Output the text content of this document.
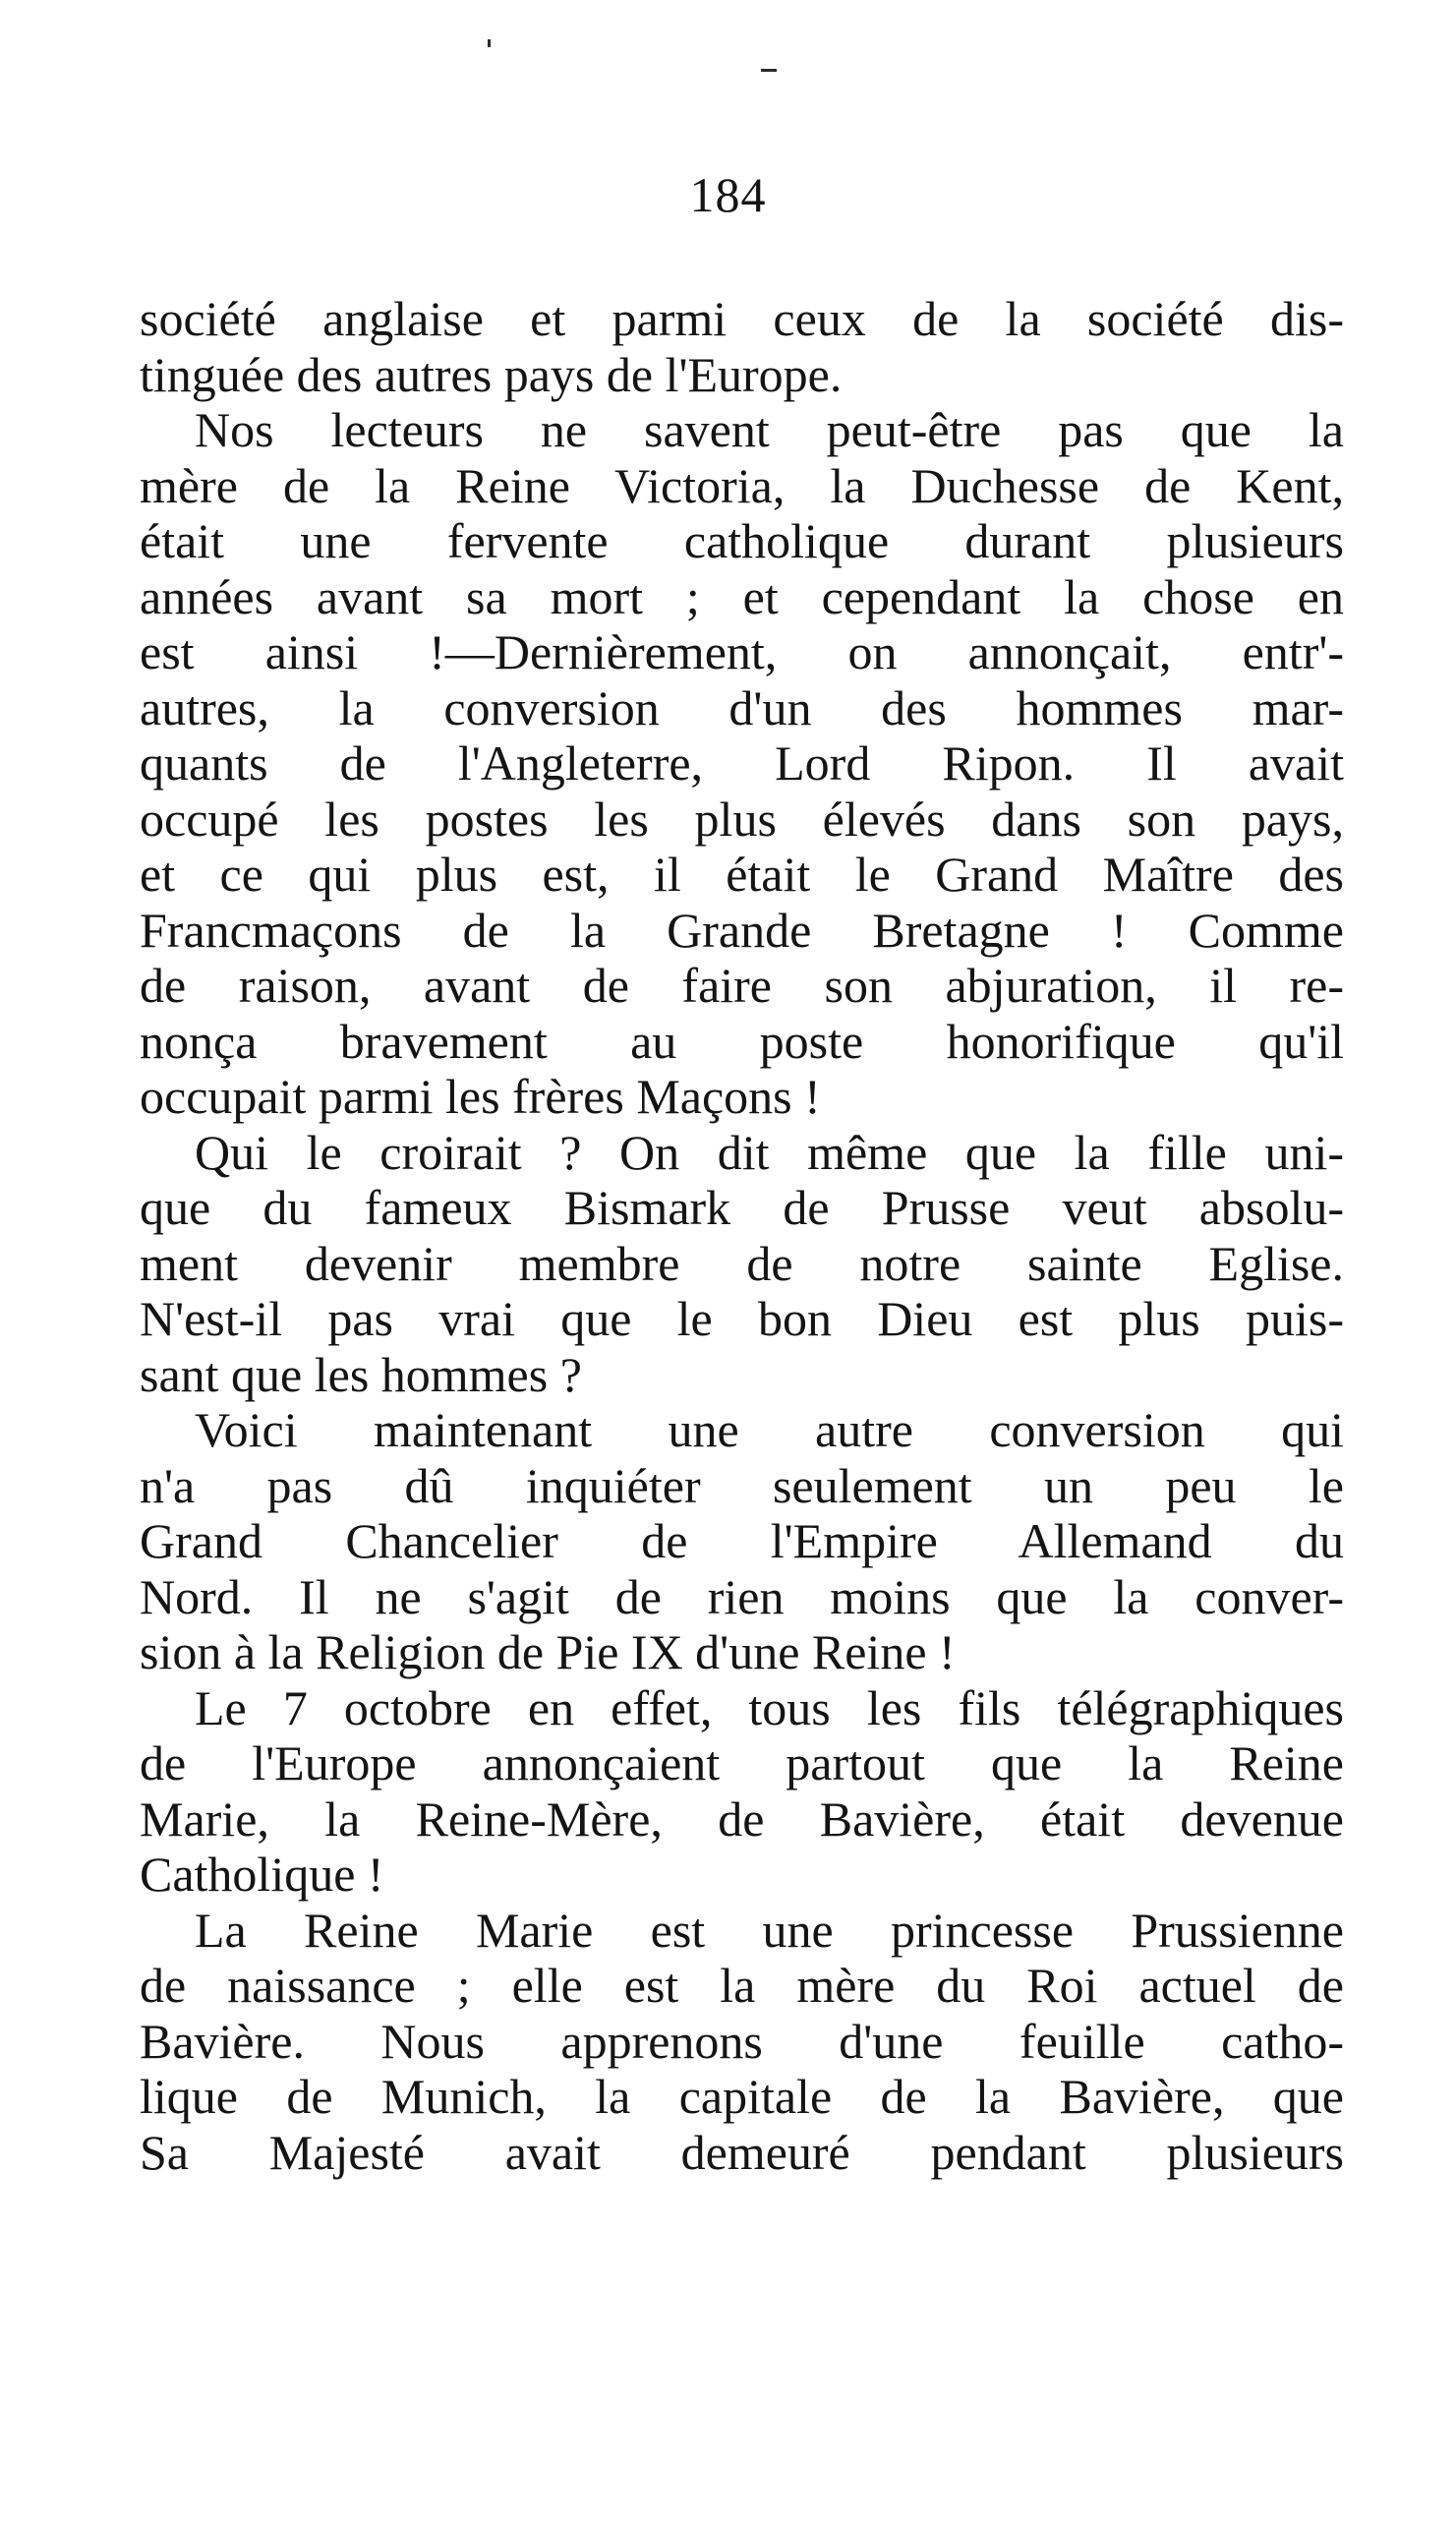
184
société anglaise et parmi ceux de la société dis-
tinguée des autres pays de l'Europe.
Nos lecteurs ne savent peut-être pas que la
mère de la Reine Victoria, la Duchesse de Kent,
était une fervente catholique durant plusieurs
années avant sa mort ; et cependant la chose en
est ainsi !—Dernièrement, on annonçait, entr'-
autres, la conversion d'un des hommes mar-
quants de l'Angleterre, Lord Ripon. Il avait
occupé les postes les plus élevés dans son pays,
et ce qui plus est, il était le Grand Maître des
Francmaçons de la Grande Bretagne ! Comme
de raison, avant de faire son abjuration, il re-
nonça bravement au poste honorifique qu'il
occupait parmi les frères Maçons !
Qui le croirait ? On dit même que la fille uni-
que du fameux Bismark de Prusse veut absolu-
ment devenir membre de notre sainte Eglise.
N'est-il pas vrai que le bon Dieu est plus puis-
sant que les hommes ?
Voici maintenant une autre conversion qui
n'a pas dû inquiéter seulement un peu le
Grand Chancelier de l'Empire Allemand du
Nord. Il ne s'agit de rien moins que la conver-
sion à la Religion de Pie IX d'une Reine !
Le 7 octobre en effet, tous les fils télégraphiques
de l'Europe annonçaient partout que la Reine
Marie, la Reine-Mère, de Bavière, était devenue
Catholique !
La Reine Marie est une princesse Prussienne
de naissance ; elle est la mère du Roi actuel de
Bavière. Nous apprenons d'une feuille catho-
lique de Munich, la capitale de la Bavière, que
Sa Majesté avait demeuré pendant plusieurs
